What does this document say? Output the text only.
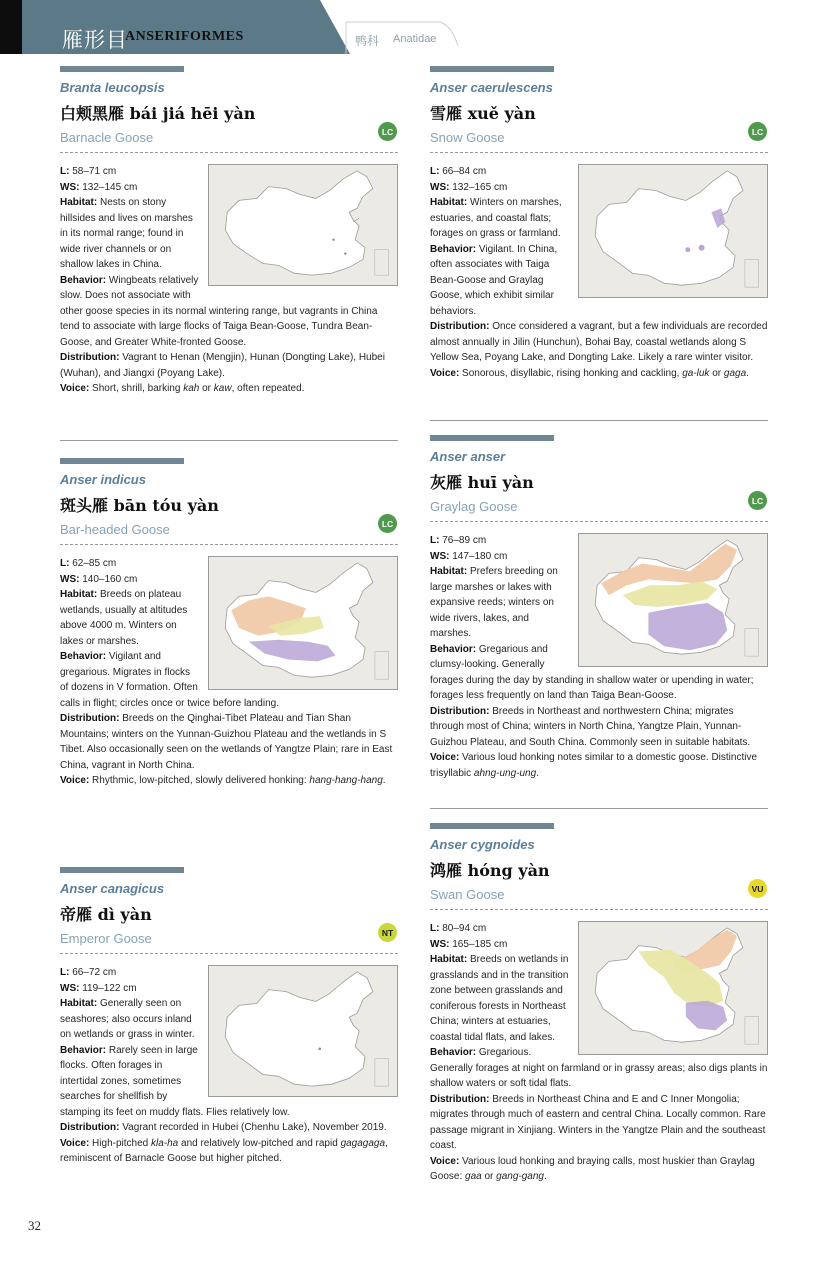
雁形目
ANSERIFORMES	鸭科 Anatidae
Branta leucopsis
白颊黑雁 bái jiá hēi yàn
Barnacle Goose	LC
L: 58–71 cm
WS: 132–145 cm
Habitat: Nests on stony hillsides and lives on marshes in its normal range; found in wide river channels or on shallow lakes in China.
Behavior: Wingbeats relatively slow. Does not associate with other goose species in its normal wintering range, but vagrants in China tend to associate with large flocks of Taiga Bean-Goose, Tundra Bean-Goose, and Greater White-fronted Goose.
Distribution: Vagrant to Henan (Mengjin), Hunan (Dongting Lake), Hubei (Wuhan), and Jiangxi (Poyang Lake).
Voice: Short, shrill, barking kah or kaw, often repeated.
Anser indicus
斑头雁 bān tóu yàn
Bar-headed Goose	LC
L: 62–85 cm
WS: 140–160 cm
Habitat: Breeds on plateau wetlands, usually at altitudes above 4000 m. Winters on lakes or marshes.
Behavior: Vigilant and gregarious. Migrates in flocks of dozens in V formation. Often calls in flight; circles once or twice before landing.
Distribution: Breeds on the Qinghai-Tibet Plateau and Tian Shan Mountains; winters on the Yunnan-Guizhou Plateau and the wetlands in S Tibet. Also occasionally seen on the wetlands of Yangtze Plain; rare in East China, vagrant in North China.
Voice: Rhythmic, low-pitched, slowly delivered honking: hang-hang-hang.
Anser canagicus
帝雁 dì yàn
Emperor Goose	NT
L: 66–72 cm
WS: 119–122 cm
Habitat: Generally seen on seashores; also occurs inland on wetlands or grass in winter.
Behavior: Rarely seen in large flocks. Often forages in intertidal zones, sometimes searches for shellfish by stamping its feet on muddy flats. Flies relatively low.
Distribution: Vagrant recorded in Hubei (Chenhu Lake), November 2019.
Voice: High-pitched kla-ha and relatively low-pitched and rapid gagagaga, reminiscent of Barnacle Goose but higher pitched.
Anser caerulescens
雪雁 xuě yàn
Snow Goose	LC
L: 66–84 cm
WS: 132–165 cm
Habitat: Winters on marshes, estuaries, and coastal flats; forages on grass or farmland.
Behavior: Vigilant. In China, often associates with Taiga Bean-Goose and Graylag Goose, which exhibit similar behaviors.
Distribution: Once considered a vagrant, but a few individuals are recorded almost annually in Jilin (Hunchun), Bohai Bay, coastal wetlands along S Yellow Sea, Poyang Lake, and Dongting Lake. Likely a rare winter visitor.
Voice: Sonorous, disyllabic, rising honking and cackling, ga-luk or gaga.
Anser anser
灰雁 huī yàn
Graylag Goose	LC
L: 76–89 cm
WS: 147–180 cm
Habitat: Prefers breeding on large marshes or lakes with expansive reeds; winters on wide rivers, lakes, and marshes.
Behavior: Gregarious and clumsy-looking. Generally forages during the day by standing in shallow water or upending in water; forages less frequently on land than Taiga Bean-Goose.
Distribution: Breeds in Northeast and northwestern China; migrates through most of China; winters in North China, Yangtze Plain, Yunnan-Guizhou Plateau, and South China. Commonly seen in suitable habitats.
Voice: Various loud honking notes similar to a domestic goose. Distinctive trisyllabic ahng-ung-ung.
Anser cygnoides
鸿雁 hóng yàn
Swan Goose	VU
L: 80–94 cm
WS: 165–185 cm
Habitat: Breeds on wetlands in grasslands and in the transition zone between grasslands and coniferous forests in Northeast China; winters at estuaries, coastal tidal flats, and lakes.
Behavior: Gregarious. Generally forages at night on farmland or in grassy areas; also digs plants in shallow waters or soft tidal flats.
Distribution: Breeds in Northeast China and E and C Inner Mongolia; migrates through much of eastern and central China. Locally common. Rare passage migrant in Xinjiang. Winters in the Yangtze Plain and the southeast coast.
Voice: Various loud honking and braying calls, most huskier than Graylag Goose: gaa or gang-gang.
32
